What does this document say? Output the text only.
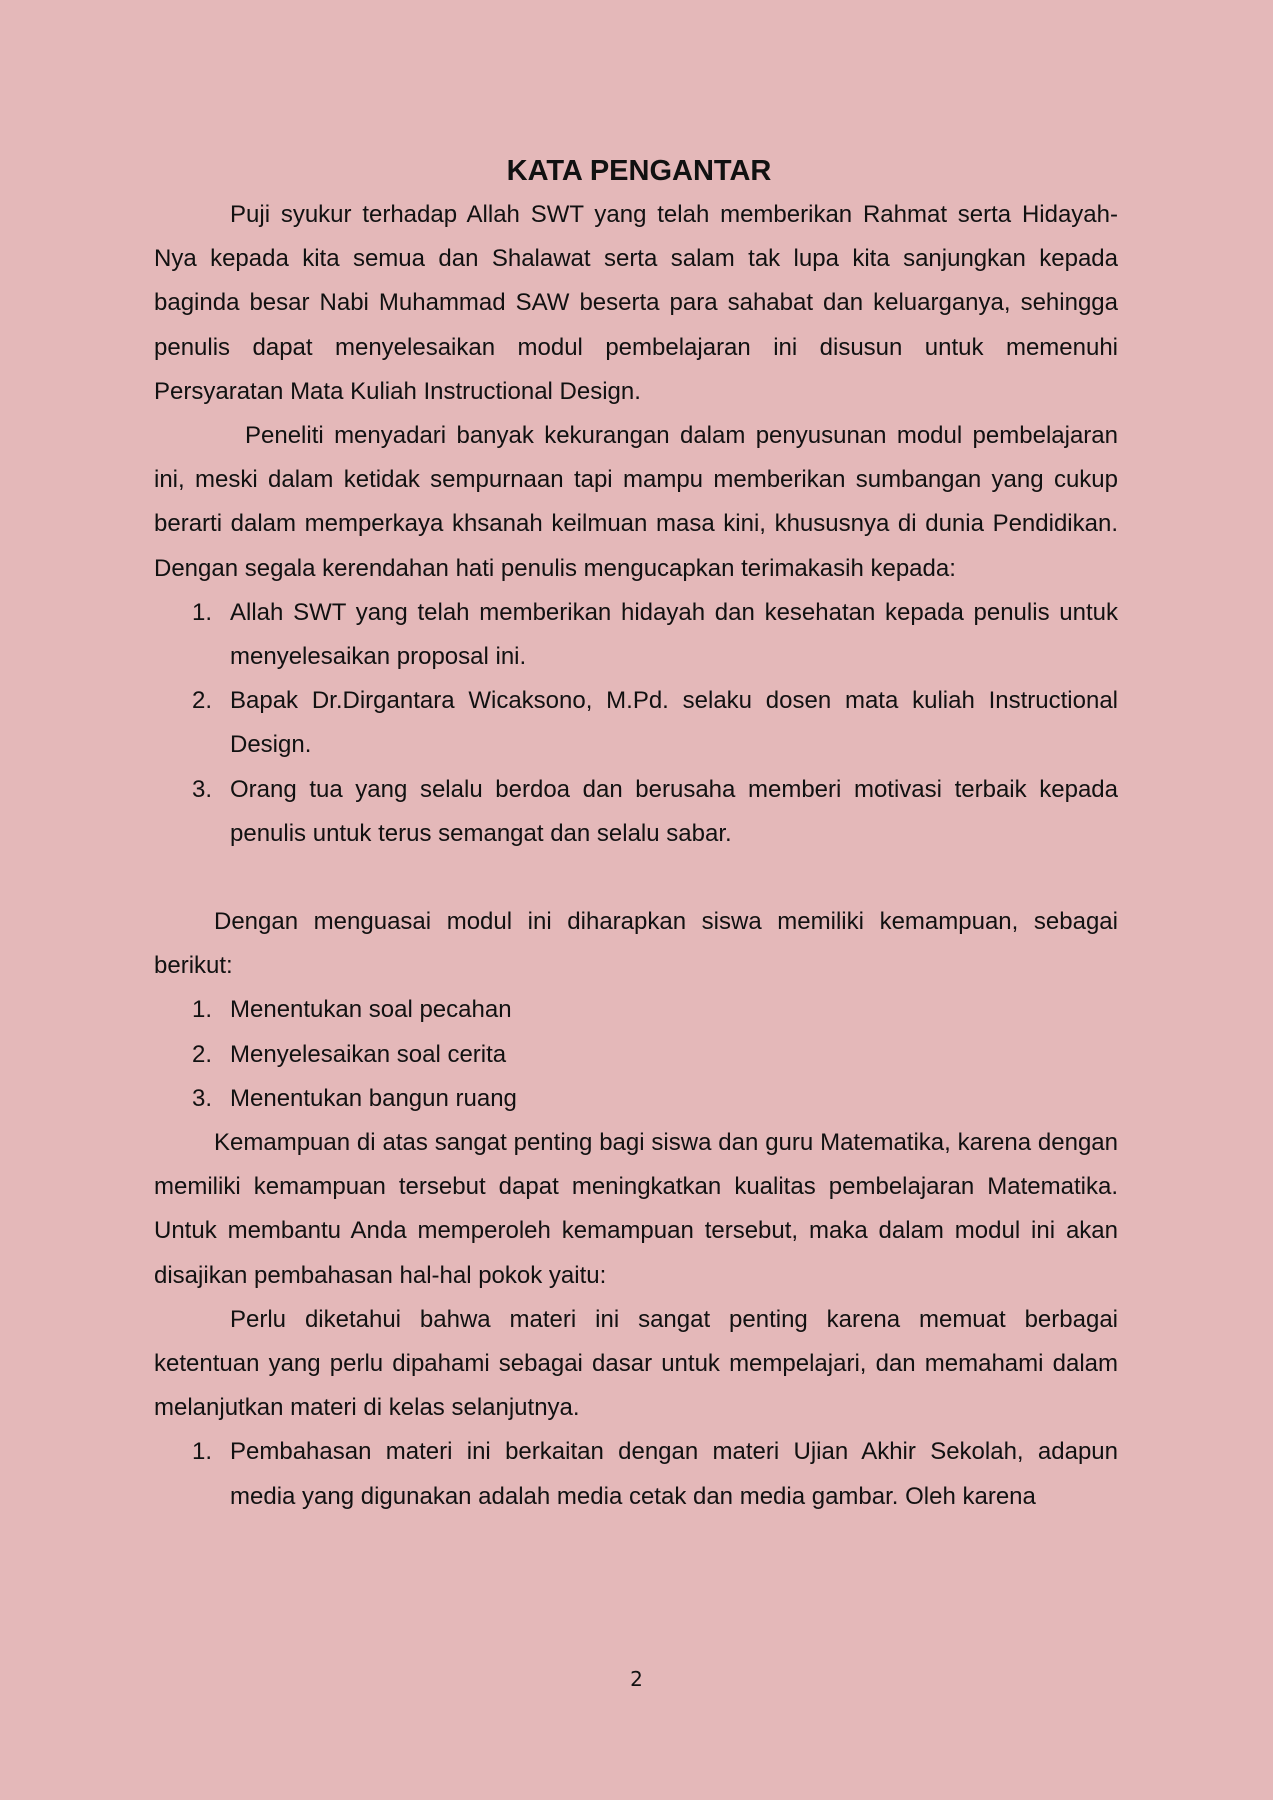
KATA PENGANTAR

Puji syukur terhadap Allah SWT yang telah memberikan Rahmat serta Hidayah-Nya kepada kita semua dan Shalawat serta salam tak lupa kita sanjungkan kepada baginda besar Nabi Muhammad SAW beserta para sahabat dan keluarganya, sehingga penulis dapat menyelesaikan modul pembelajaran ini disusun untuk memenuhi Persyaratan Mata Kuliah Instructional Design.

Peneliti menyadari banyak kekurangan dalam penyusunan modul pembelajaran ini, meski dalam ketidak sempurnaan tapi mampu memberikan sumbangan yang cukup berarti dalam memperkaya khsanah keilmuan masa kini, khususnya di dunia Pendidikan. Dengan segala kerendahan hati penulis mengucapkan terimakasih kepada:

1. Allah SWT yang telah memberikan hidayah dan kesehatan kepada penulis untuk menyelesaikan proposal ini.
2. Bapak Dr.Dirgantara Wicaksono, M.Pd. selaku dosen mata kuliah Instructional Design.
3. Orang tua yang selalu berdoa dan berusaha memberi motivasi terbaik kepada penulis untuk terus semangat dan selalu sabar.

Dengan menguasai modul ini diharapkan siswa memiliki kemampuan, sebagai berikut:

1. Menentukan soal pecahan
2. Menyelesaikan soal cerita
3. Menentukan bangun ruang

Kemampuan di atas sangat penting bagi siswa dan guru Matematika, karena dengan memiliki kemampuan tersebut dapat meningkatkan kualitas pembelajaran Matematika. Untuk membantu Anda memperoleh kemampuan tersebut, maka dalam modul ini akan disajikan pembahasan hal-hal pokok yaitu:

Perlu diketahui bahwa materi ini sangat penting karena memuat berbagai ketentuan yang perlu dipahami sebagai dasar untuk mempelajari, dan memahami dalam melanjutkan materi di kelas selanjutnya.

1. Pembahasan materi ini berkaitan dengan materi Ujian Akhir Sekolah, adapun media yang digunakan adalah media cetak dan media gambar. Oleh karena
2
